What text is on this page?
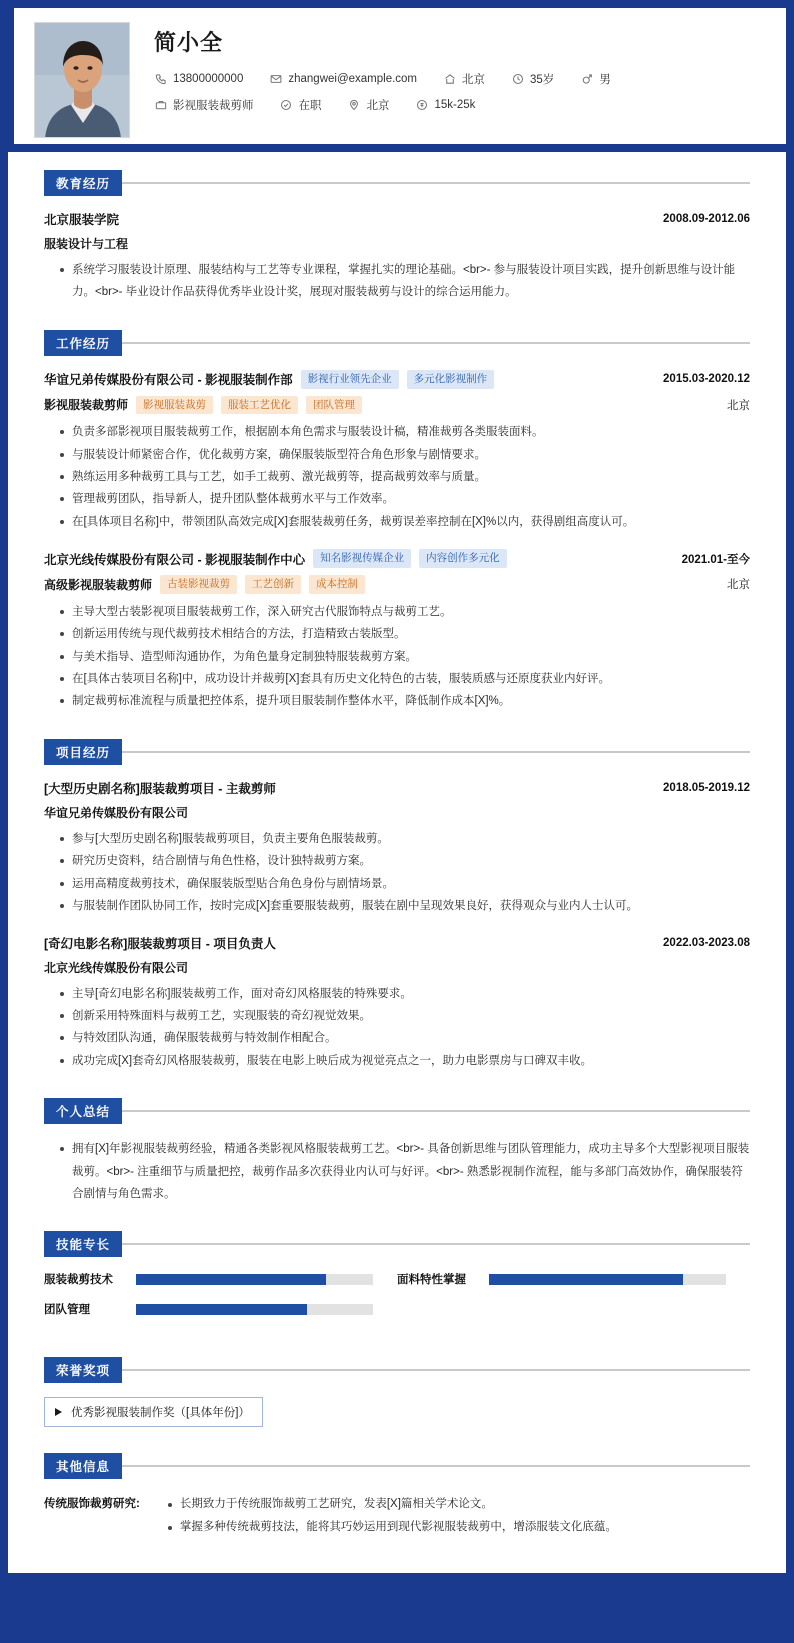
简小全
13800000000	zhangwei@example.com	北京	35岁	男
影视服装裁剪师	在职	北京	15k-25k
教育经历
北京服装学院	2008.09-2012.06
服装设计与工程
系统学习服装设计原理、服装结构与工艺等专业课程，掌握扎实的理论基础。<br>- 参与服装设计项目实践，提升创新思维与设计能力。<br>- 毕业设计作品获得优秀毕业设计奖，展现对服装裁剪与设计的综合运用能力。
工作经历
华谊兄弟传媒股份有限公司 - 影视服装制作部	影视行业领先企业	多元化影视制作	2015.03-2020.12
影视服装裁剪师	影视服装裁剪	服装工艺优化	团队管理	北京
负责多部影视项目服装裁剪工作，根据剧本角色需求与服装设计稿，精准裁剪各类服装面料。
与服装设计师紧密合作，优化裁剪方案，确保服装版型符合角色形象与剧情要求。
熟练运用多种裁剪工具与工艺，如手工裁剪、激光裁剪等，提高裁剪效率与质量。
管理裁剪团队，指导新人，提升团队整体裁剪水平与工作效率。
在[具体项目名称]中，带领团队高效完成[X]套服装裁剪任务，裁剪误差率控制在[X]%以内，获得剧组高度认可。
北京光线传媒股份有限公司 - 影视服装制作中心	知名影视传媒企业	内容创作多元化	2021.01-至今
高级影视服装裁剪师	古装影视裁剪	工艺创新	成本控制	北京
主导大型古装影视项目服装裁剪工作，深入研究古代服饰特点与裁剪工艺。
创新运用传统与现代裁剪技术相结合的方法，打造精致古装版型。
与美术指导、造型师沟通协作，为角色量身定制独特服装裁剪方案。
在[具体古装项目名称]中，成功设计并裁剪[X]套具有历史文化特色的古装，服装质感与还原度获业内好评。
制定裁剪标准流程与质量把控体系，提升项目服装制作整体水平，降低制作成本[X]%。
项目经历
[大型历史剧名称]服装裁剪项目 - 主裁剪师	2018.05-2019.12
华谊兄弟传媒股份有限公司
参与[大型历史剧名称]服装裁剪项目，负责主要角色服装裁剪。
研究历史资料，结合剧情与角色性格，设计独特裁剪方案。
运用高精度裁剪技术，确保服装版型贴合角色身份与剧情场景。
与服装制作团队协同工作，按时完成[X]套重要服装裁剪，服装在剧中呈现效果良好，获得观众与业内人士认可。
[奇幻电影名称]服装裁剪项目 - 项目负责人	2022.03-2023.08
北京光线传媒股份有限公司
主导[奇幻电影名称]服装裁剪工作，面对奇幻风格服装的特殊要求。
创新采用特殊面料与裁剪工艺，实现服装的奇幻视觉效果。
与特效团队沟通，确保服装裁剪与特效制作相配合。
成功完成[X]套奇幻风格服装裁剪，服装在电影上映后成为视觉亮点之一，助力电影票房与口碑双丰收。
个人总结
拥有[X]年影视服装裁剪经验，精通各类影视风格服装裁剪工艺。<br>- 具备创新思维与团队管理能力，成功主导多个大型影视项目服装裁剪。<br>- 注重细节与质量把控，裁剪作品多次获得业内认可与好评。<br>- 熟悉影视制作流程，能与多部门高效协作，确保服装符合剧情与角色需求。
技能专长
服装裁剪技术	面料特性掌握
团队管理
荣誉奖项
优秀影视服装制作奖（[具体年份]）
其他信息
传统服饰裁剪研究:	长期致力于传统服饰裁剪工艺研究，发表[X]篇相关学术论文。
掌握多种传统裁剪技法，能将其巧妙运用到现代影视服装裁剪中，增添服装文化底蕴。
